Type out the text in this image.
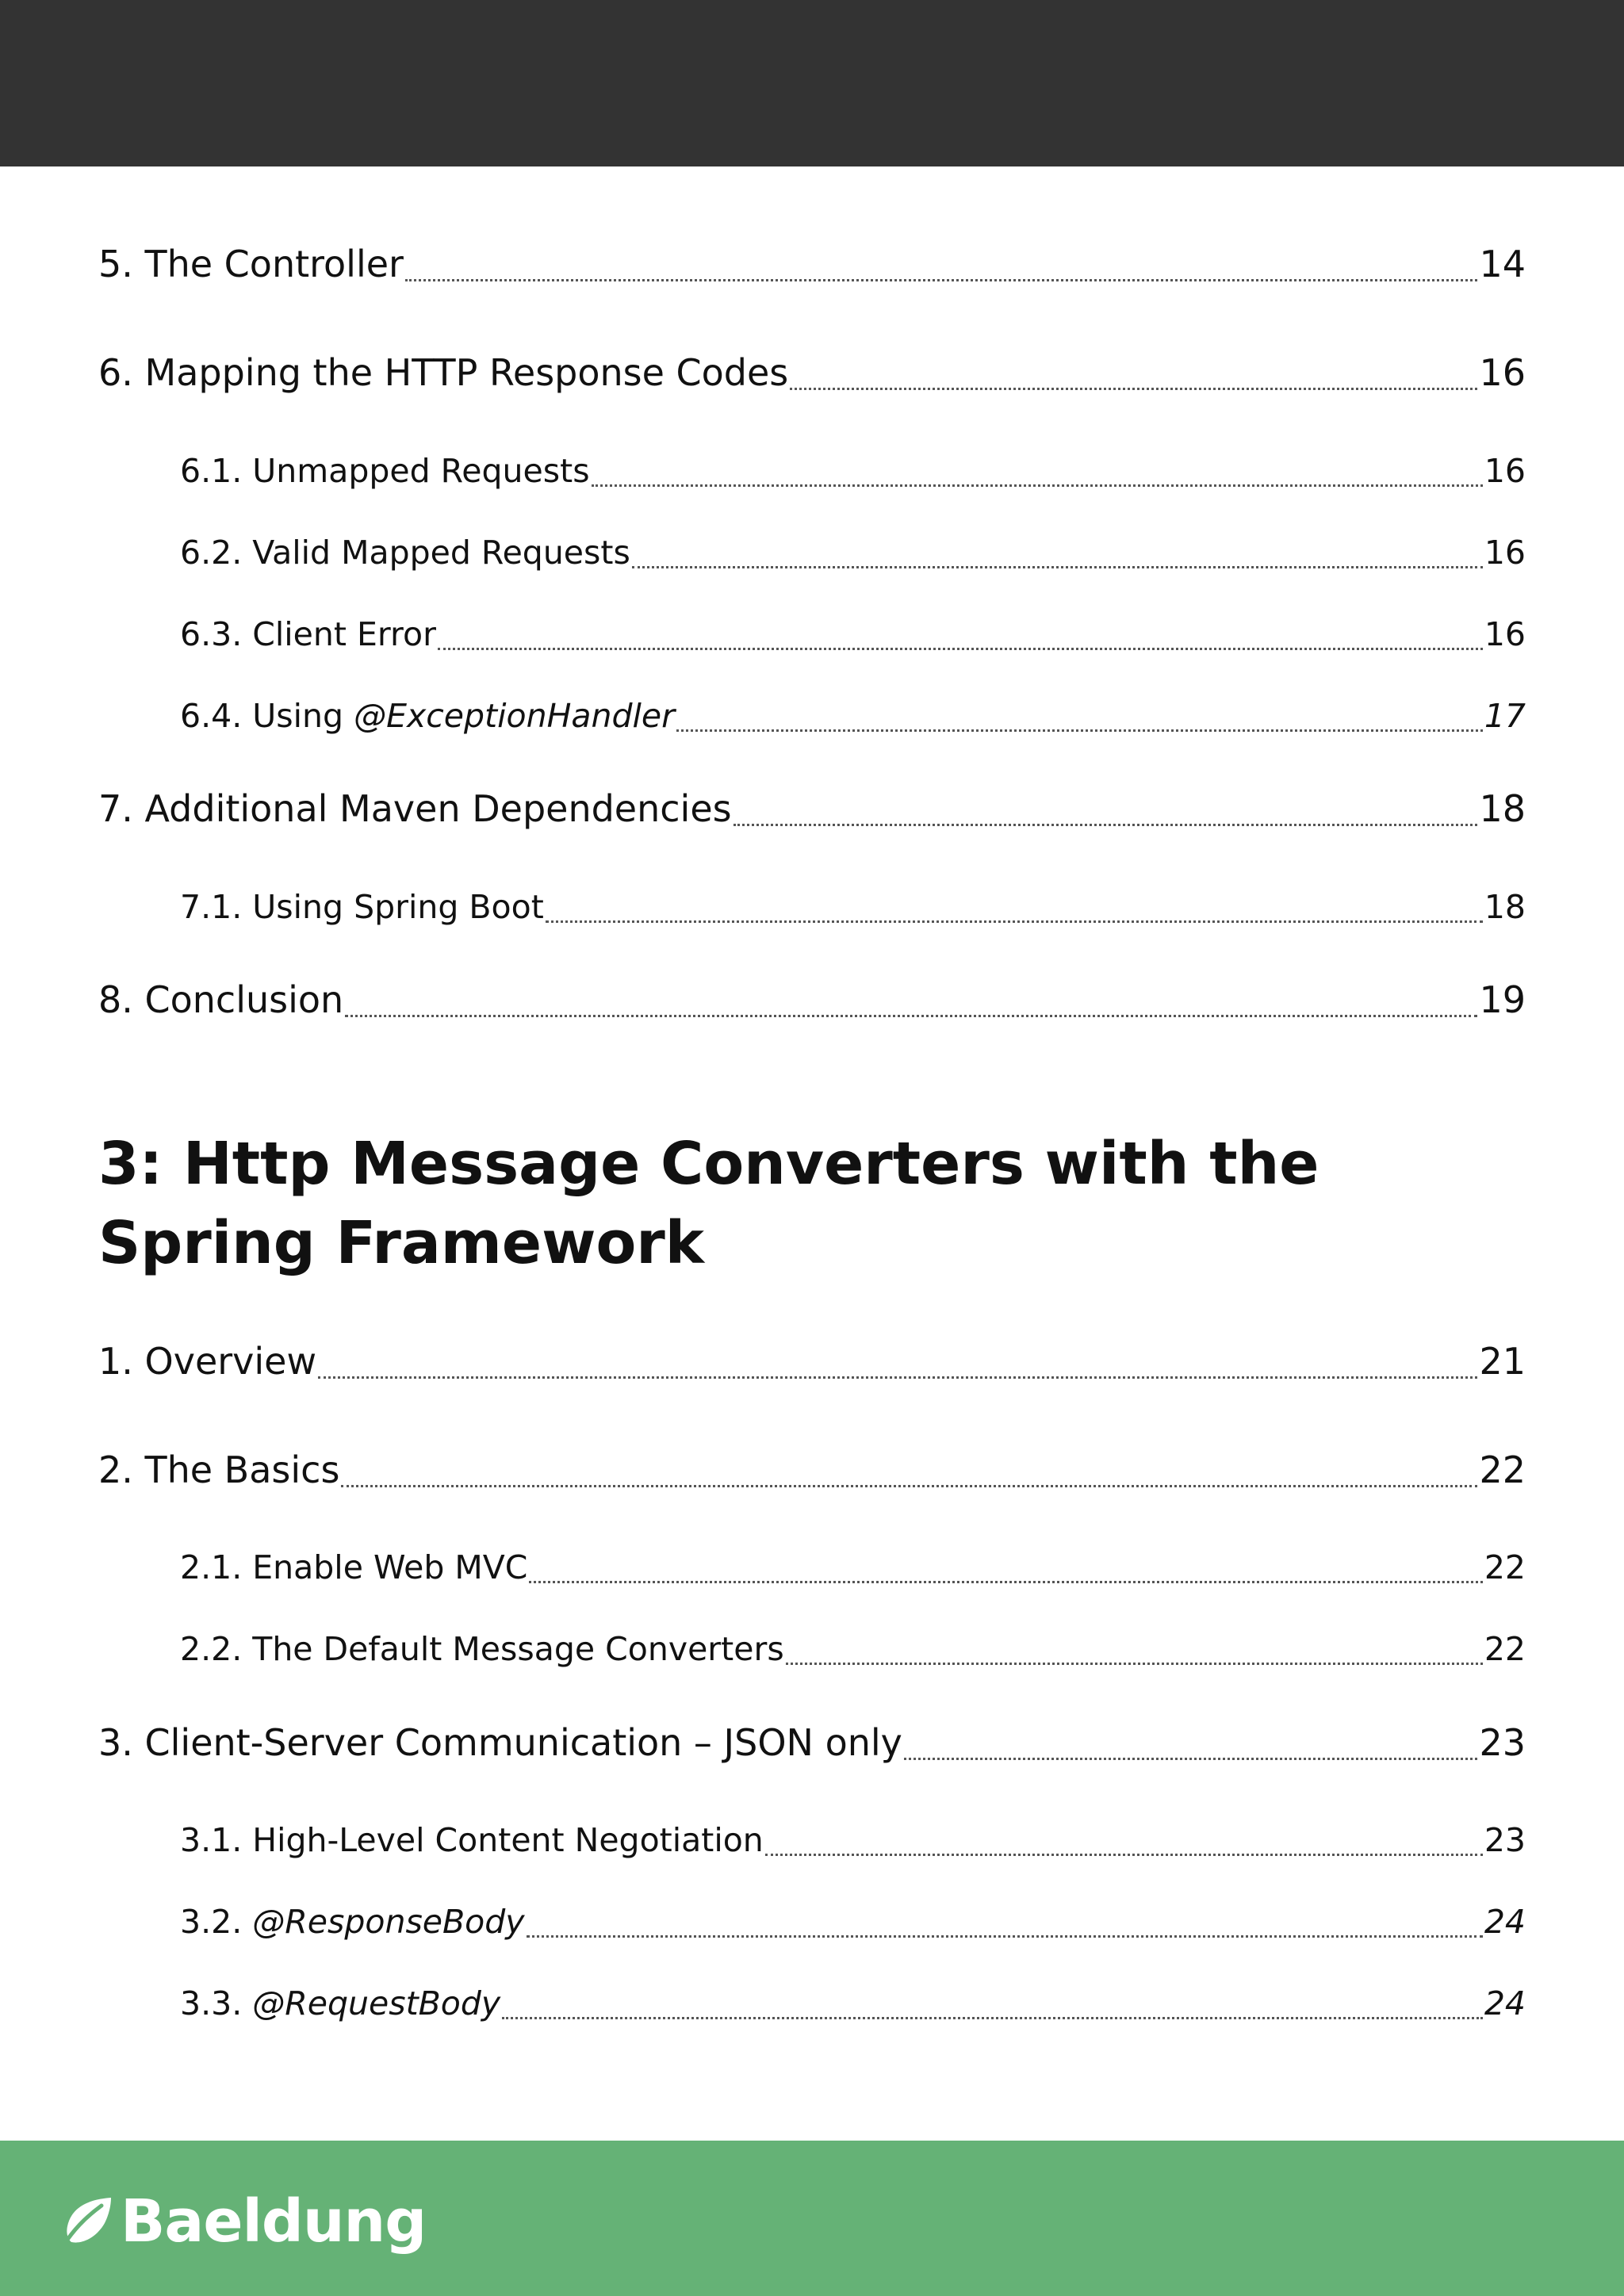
5. The Controller	14
6. Mapping the HTTP Response Codes	16
6.1. Unmapped Requests	16
6.2. Valid Mapped Requests	16
6.3. Client Error	16
6.4. Using @ExceptionHandler	17
7. Additional Maven Dependencies	18
7.1. Using Spring Boot	18
8. Conclusion	19
3: Http Message Converters with the Spring Framework
1. Overview	21
2. The Basics	22
2.1. Enable Web MVC	22
2.2. The Default Message Converters	22
3. Client-Server Communication – JSON only	23
3.1. High-Level Content Negotiation	23
3.2. @ResponseBody	24
3.3. @RequestBody	24
Baeldung
